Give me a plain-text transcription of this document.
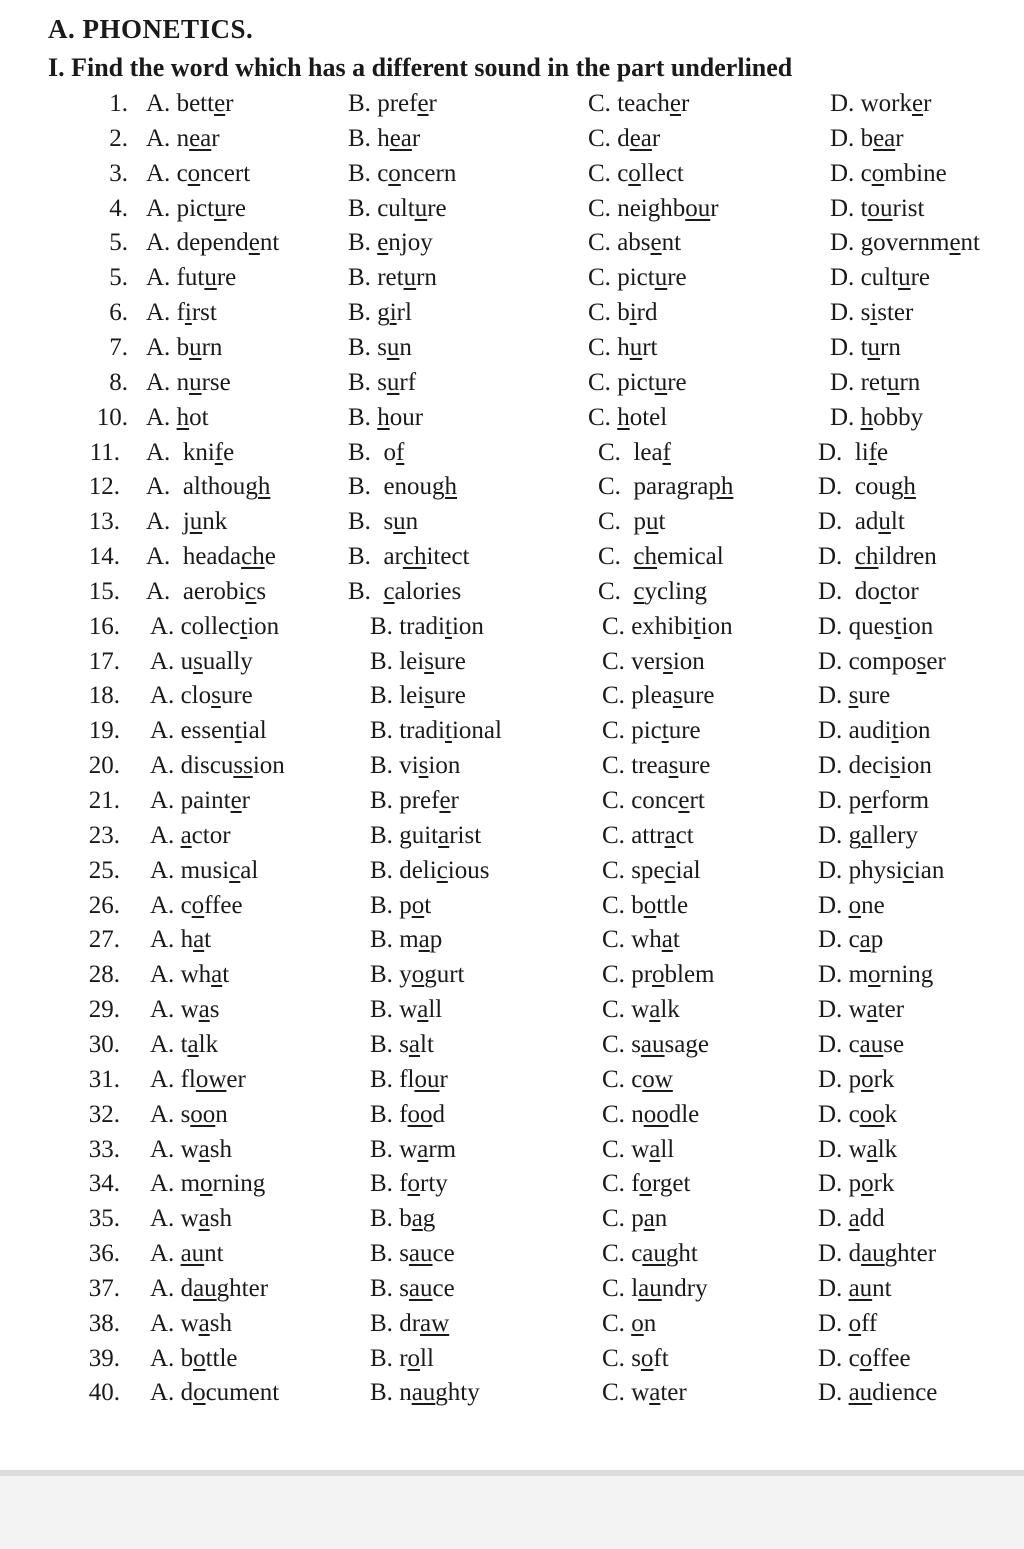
A. PHONETICS.
I. Find the word which has a different sound in the part underlined
1. A. better	B. prefer	C. teacher	D. worker
2. A. near	B. hear	C. dear	D. bear
3. A. concert	B. concern	C. collect	D. combine
4. A. picture	B. culture	C. neighbour	D. tourist
5. A. dependent	B. enjoy	C. absent	D. government
5. A. future	B. return	C. picture	D. culture
6. A. first	B. girl	C. bird	D. sister
7. A. burn	B. sun	C. hurt	D. turn
8. A. nurse	B. surf	C. picture	D. return
10. A. hot	B. hour	C. hotel	D. hobby
11. A. knife	B. of	C. leaf	D. life
12. A. although	B. enough	C. paragraph	D. cough
13. A. junk	B. sun	C. put	D. adult
14. A. headache	B. architect	C. chemical	D. children
15. A. aerobics	B. calories	C. cycling	D. doctor
16. A. collection	B. tradition	C. exhibition	D. question
17. A. usually	B. leisure	C. version	D. composer
18. A. closure	B. leisure	C. pleasure	D. sure
19. A. essential	B. traditional	C. picture	D. audition
20. A. discussion	B. vision	C. treasure	D. decision
21. A. painter	B. prefer	C. concert	D. perform
23. A. actor	B. guitarist	C. attract	D. gallery
25. A. musical	B. delicious	C. special	D. physician
26. A. coffee	B. pot	C. bottle	D. one
27. A. hat	B. map	C. what	D. cap
28. A. what	B. yogurt	C. problem	D. morning
29. A. was	B. wall	C. walk	D. water
30. A. talk	B. salt	C. sausage	D. cause
31. A. flower	B. flour	C. cow	D. pork
32. A. soon	B. food	C. noodle	D. cook
33. A. wash	B. warm	C. wall	D. walk
34. A. morning	B. forty	C. forget	D. pork
35. A. wash	B. bag	C. pan	D. add
36. A. aunt	B. sauce	C. caught	D. daughter
37. A. daughter	B. sauce	C. laundry	D. aunt
38. A. wash	B. draw	C. on	D. off
39. A. bottle	B. roll	C. soft	D. coffee
40. A. document	B. naughty	C. water	D. audience
